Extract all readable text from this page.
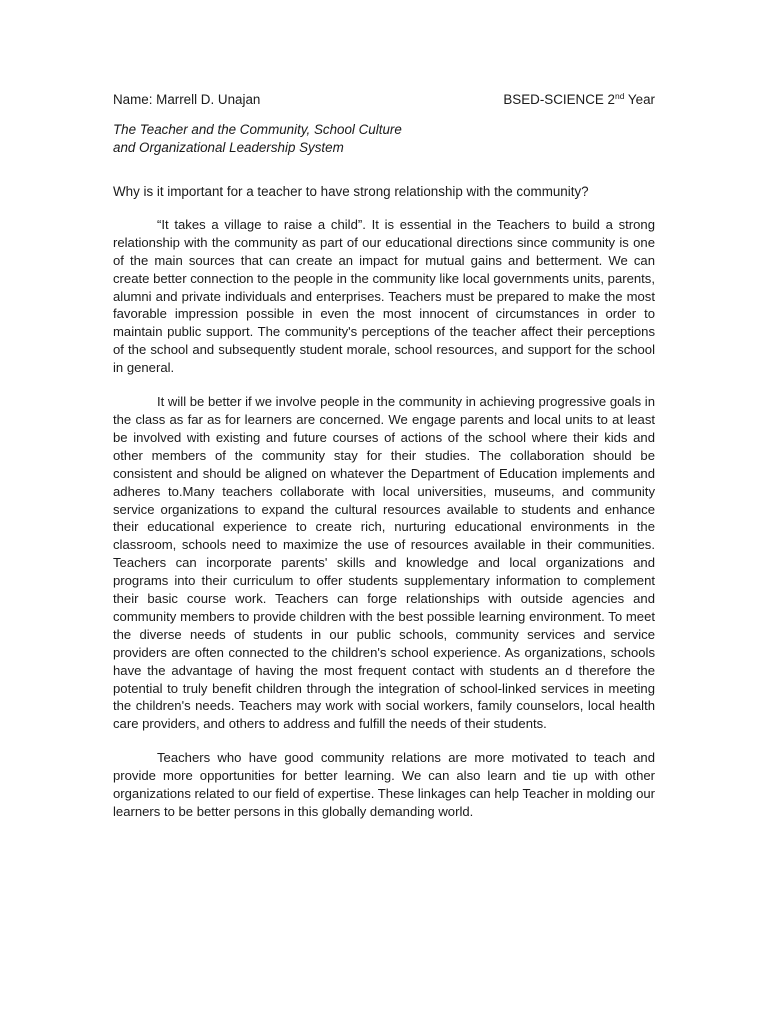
Name: Marrell D. Unajan	BSED-SCIENCE 2nd Year
The Teacher and the Community, School Culture
and Organizational Leadership System
Why is it important for a teacher to have strong relationship with the community?

“It takes a village to raise a child”. It is essential in the Teachers to build a strong relationship with the community as part of our educational directions since community is one of the main sources that can create an impact for mutual gains and betterment. We can create better connection to the people in the community like local governments units, parents, alumni and private individuals and enterprises. Teachers must be prepared to make the most favorable impression possible in even the most innocent of circumstances in order to maintain public support. The community's perceptions of the teacher affect their perceptions of the school and subsequently student morale, school resources, and support for the school in general.

It will be better if we involve people in the community in achieving progressive goals in the class as far as for learners are concerned. We engage parents and local units to at least be involved with existing and future courses of actions of the school where their kids and other members of the community stay for their studies. The collaboration should be consistent and should be aligned on whatever the Department of Education implements and adheres to.Many teachers collaborate with local universities, museums, and community service organizations to expand the cultural resources available to students and enhance their educational experience to create rich, nurturing educational environments in the classroom, schools need to maximize the use of resources available in their communities. Teachers can incorporate parents' skills and knowledge and local organizations and programs into their curriculum to offer students supplementary information to complement their basic course work. Teachers can forge relationships with outside agencies and community members to provide children with the best possible learning environment. To meet the diverse needs of students in our public schools, community services and service providers are often connected to the children's school experience. As organizations, schools have the advantage of having the most frequent contact with students an d therefore the potential to truly benefit children through the integration of school-linked services in meeting the children's needs. Teachers may work with social workers, family counselors, local health care providers, and others to address and fulfill the needs of their students.

Teachers who have good community relations are more motivated to teach and provide more opportunities for better learning. We can also learn and tie up with other organizations related to our field of expertise. These linkages can help Teacher in molding our learners to be better persons in this globally demanding world.
